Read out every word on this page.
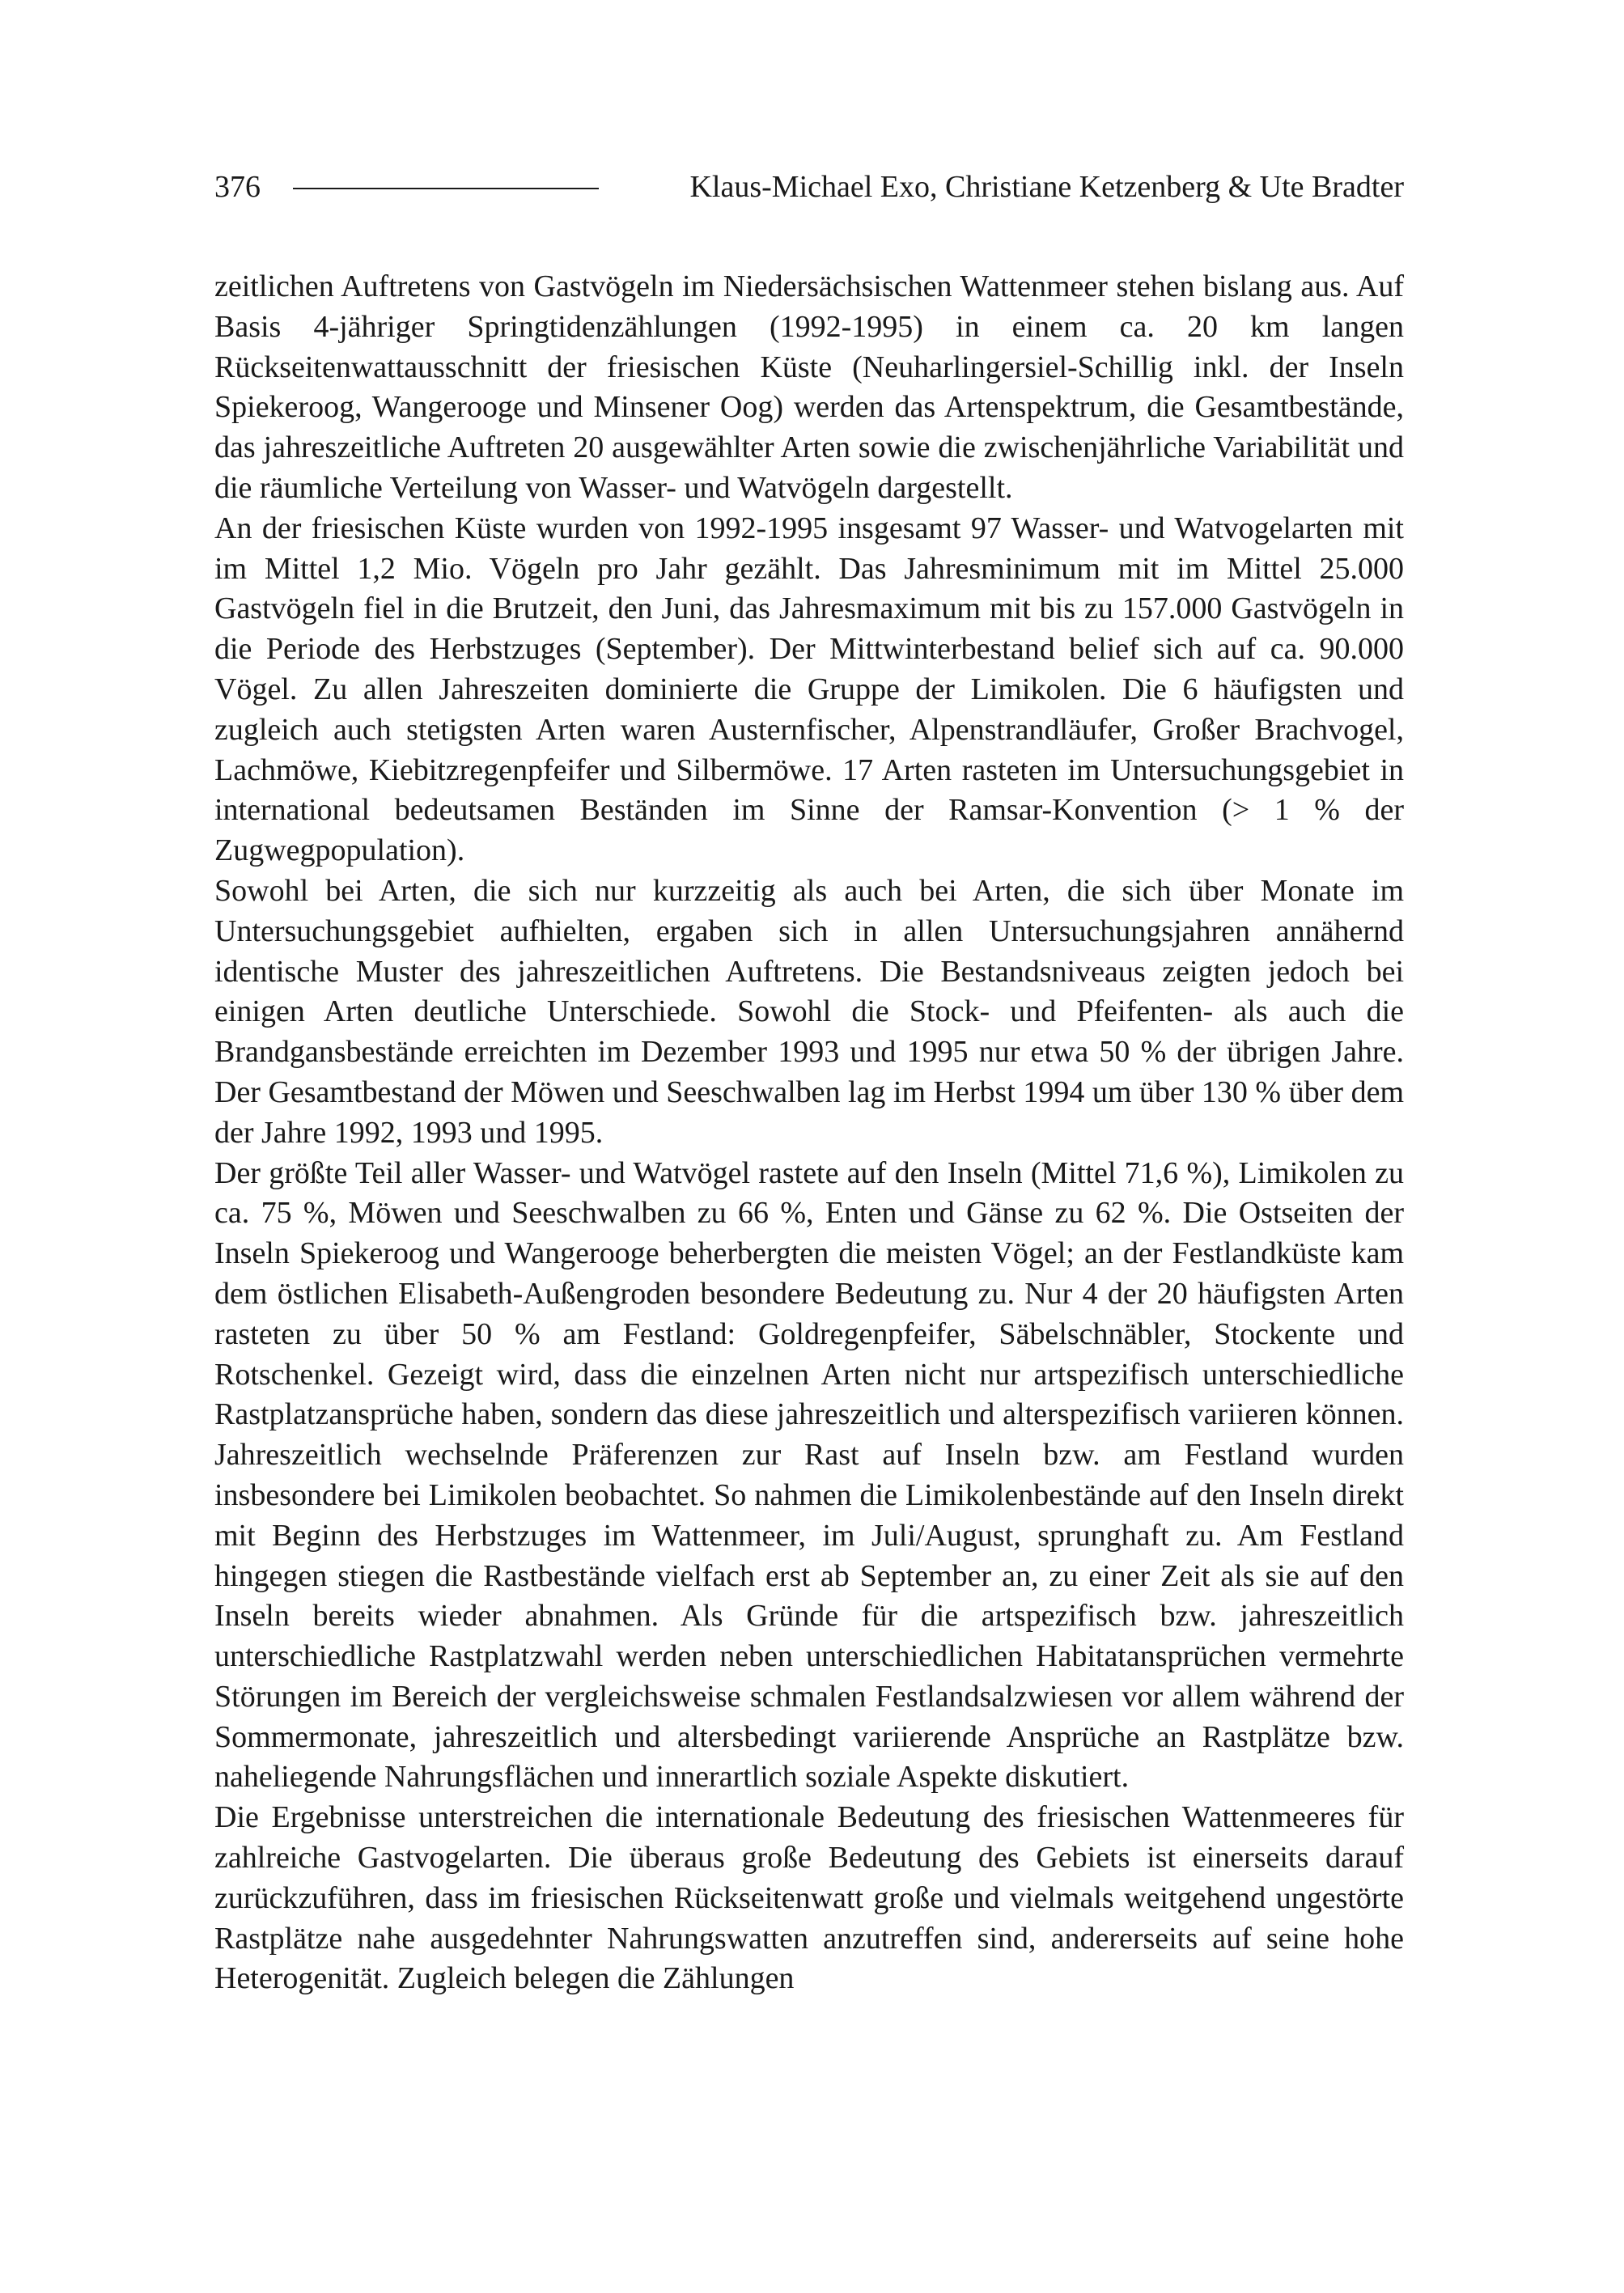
376	Klaus-Michael Exo, Christiane Ketzenberg & Ute Bradter

zeitlichen Auftretens von Gastvögeln im Niedersächsischen Wattenmeer stehen bislang aus. Auf Basis 4-jähriger Springtidenzählungen (1992-1995) in einem ca. 20 km langen Rückseitenwattausschnitt der friesischen Küste (Neuharlingersiel-Schillig inkl. der Inseln Spiekeroog, Wangerooge und Minsener Oog) werden das Artenspektrum, die Gesamtbestände, das jahreszeitliche Auftreten 20 ausgewählter Arten sowie die zwischenjährliche Variabilität und die räumliche Verteilung von Wasser- und Watvögeln dargestellt.

An der friesischen Küste wurden von 1992-1995 insgesamt 97 Wasser- und Watvogelarten mit im Mittel 1,2 Mio. Vögeln pro Jahr gezählt. Das Jahresminimum mit im Mittel 25.000 Gastvögeln fiel in die Brutzeit, den Juni, das Jahresmaximum mit bis zu 157.000 Gastvögeln in die Periode des Herbstzuges (September). Der Mittwinterbestand belief sich auf ca. 90.000 Vögel. Zu allen Jahreszeiten dominierte die Gruppe der Limikolen. Die 6 häufigsten und zugleich auch stetigsten Arten waren Austernfischer, Alpenstrandläufer, Großer Brachvogel, Lachmöwe, Kiebitzregenpfeifer und Silbermöwe. 17 Arten rasteten im Untersuchungsgebiet in international bedeutsamen Beständen im Sinne der Ramsar-Konvention (> 1 % der Zugwegpopulation).

Sowohl bei Arten, die sich nur kurzzeitig als auch bei Arten, die sich über Monate im Untersuchungsgebiet aufhielten, ergaben sich in allen Untersuchungsjahren annähernd identische Muster des jahreszeitlichen Auftretens. Die Bestandsniveaus zeigten jedoch bei einigen Arten deutliche Unterschiede. Sowohl die Stock- und Pfeifenten- als auch die Brandgansbestände erreichten im Dezember 1993 und 1995 nur etwa 50 % der übrigen Jahre. Der Gesamtbestand der Möwen und Seeschwalben lag im Herbst 1994 um über 130 % über dem der Jahre 1992, 1993 und 1995.

Der größte Teil aller Wasser- und Watvögel rastete auf den Inseln (Mittel 71,6 %), Limikolen zu ca. 75 %, Möwen und Seeschwalben zu 66 %, Enten und Gänse zu 62 %. Die Ostseiten der Inseln Spiekeroog und Wangerooge beherbergten die meisten Vögel; an der Festlandküste kam dem östlichen Elisabeth-Außengroden besondere Bedeutung zu. Nur 4 der 20 häufigsten Arten rasteten zu über 50 % am Festland: Goldregenpfeifer, Säbelschnäbler, Stockente und Rotschenkel. Gezeigt wird, dass die einzelnen Arten nicht nur artspezifisch unterschiedliche Rastplatzansprüche haben, sondern das diese jahreszeitlich und alterspezifisch variieren können. Jahreszeitlich wechselnde Präferenzen zur Rast auf Inseln bzw. am Festland wurden insbesondere bei Limikolen beobachtet. So nahmen die Limikolenbestände auf den Inseln direkt mit Beginn des Herbstzuges im Wattenmeer, im Juli/August, sprunghaft zu. Am Festland hingegen stiegen die Rastbestände vielfach erst ab September an, zu einer Zeit als sie auf den Inseln bereits wieder abnahmen. Als Gründe für die artspezifisch bzw. jahreszeitlich unterschiedliche Rastplatzwahl werden neben unterschiedlichen Habitatansprüchen vermehrte Störungen im Bereich der vergleichsweise schmalen Festlandsalzwiesen vor allem während der Sommermonate, jahreszeitlich und altersbedingt variierende Ansprüche an Rastplätze bzw. naheliegende Nahrungsflächen und innerartlich soziale Aspekte diskutiert.

Die Ergebnisse unterstreichen die internationale Bedeutung des friesischen Wattenmeeres für zahlreiche Gastvogelarten. Die überaus große Bedeutung des Gebiets ist einerseits darauf zurückzuführen, dass im friesischen Rückseitenwatt große und vielmals weitgehend ungestörte Rastplätze nahe ausgedehnter Nahrungswatten anzutreffen sind, andererseits auf seine hohe Heterogenität. Zugleich belegen die Zählungen
